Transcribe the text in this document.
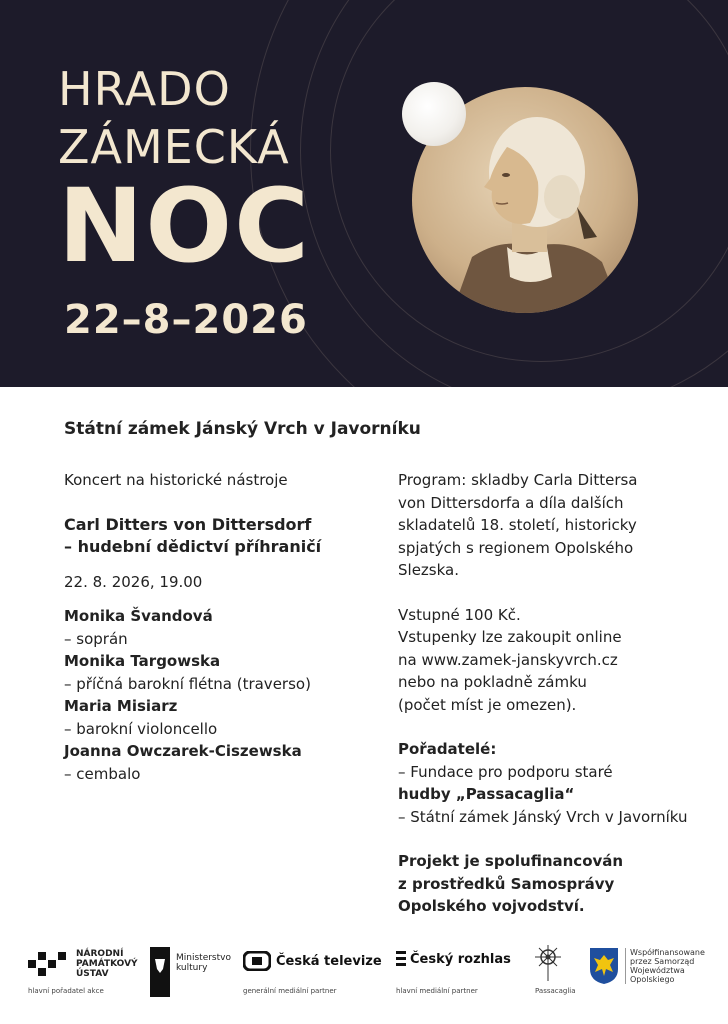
HRADO
ZÁMECKÁ
NOC
22–8–2026
Státní zámek Jánský Vrch v Javorníku

Koncert na historické nástroje

Carl Ditters von Dittersdorf

– hudební dědictví příhraničí

22. 8. 2026, 19.00

Monika Švandová

– soprán

Monika Targowska

– příčná barokní flétna (traverso)

Maria Misiarz

– barokní violoncello

Joanna Owczarek-Ciszewska

– cembalo

Program: skladby Carla Dittersa

von Dittersdorfa a díla dalších

skladatelů 18. století, historicky

spjatých s regionem Opolského

Slezska.

Vstupné 100 Kč.

Vstupenky lze zakoupit online

na www.zamek-janskyvrch.cz

nebo na pokladně zámku

(počet míst je omezen).

Pořadatelé:

– Fundace pro podporu staré

hudby „Passacaglia“

– Státní zámek Jánský Vrch v Javorníku

Projekt je spolufinancován

z prostředků Samosprávy

Opolského vojvodství.

NÁRODNÍ
PAMÁTKOVÝ
ÚSTAV
hlavní pořadatel akce
Ministerstvo
kultury	Česká televize
generální mediální partner
Český rozhlas
hlavní mediální partner	Passacaglia
Współfinansowane
przez Samorząd
Województwa
Opolskiego
